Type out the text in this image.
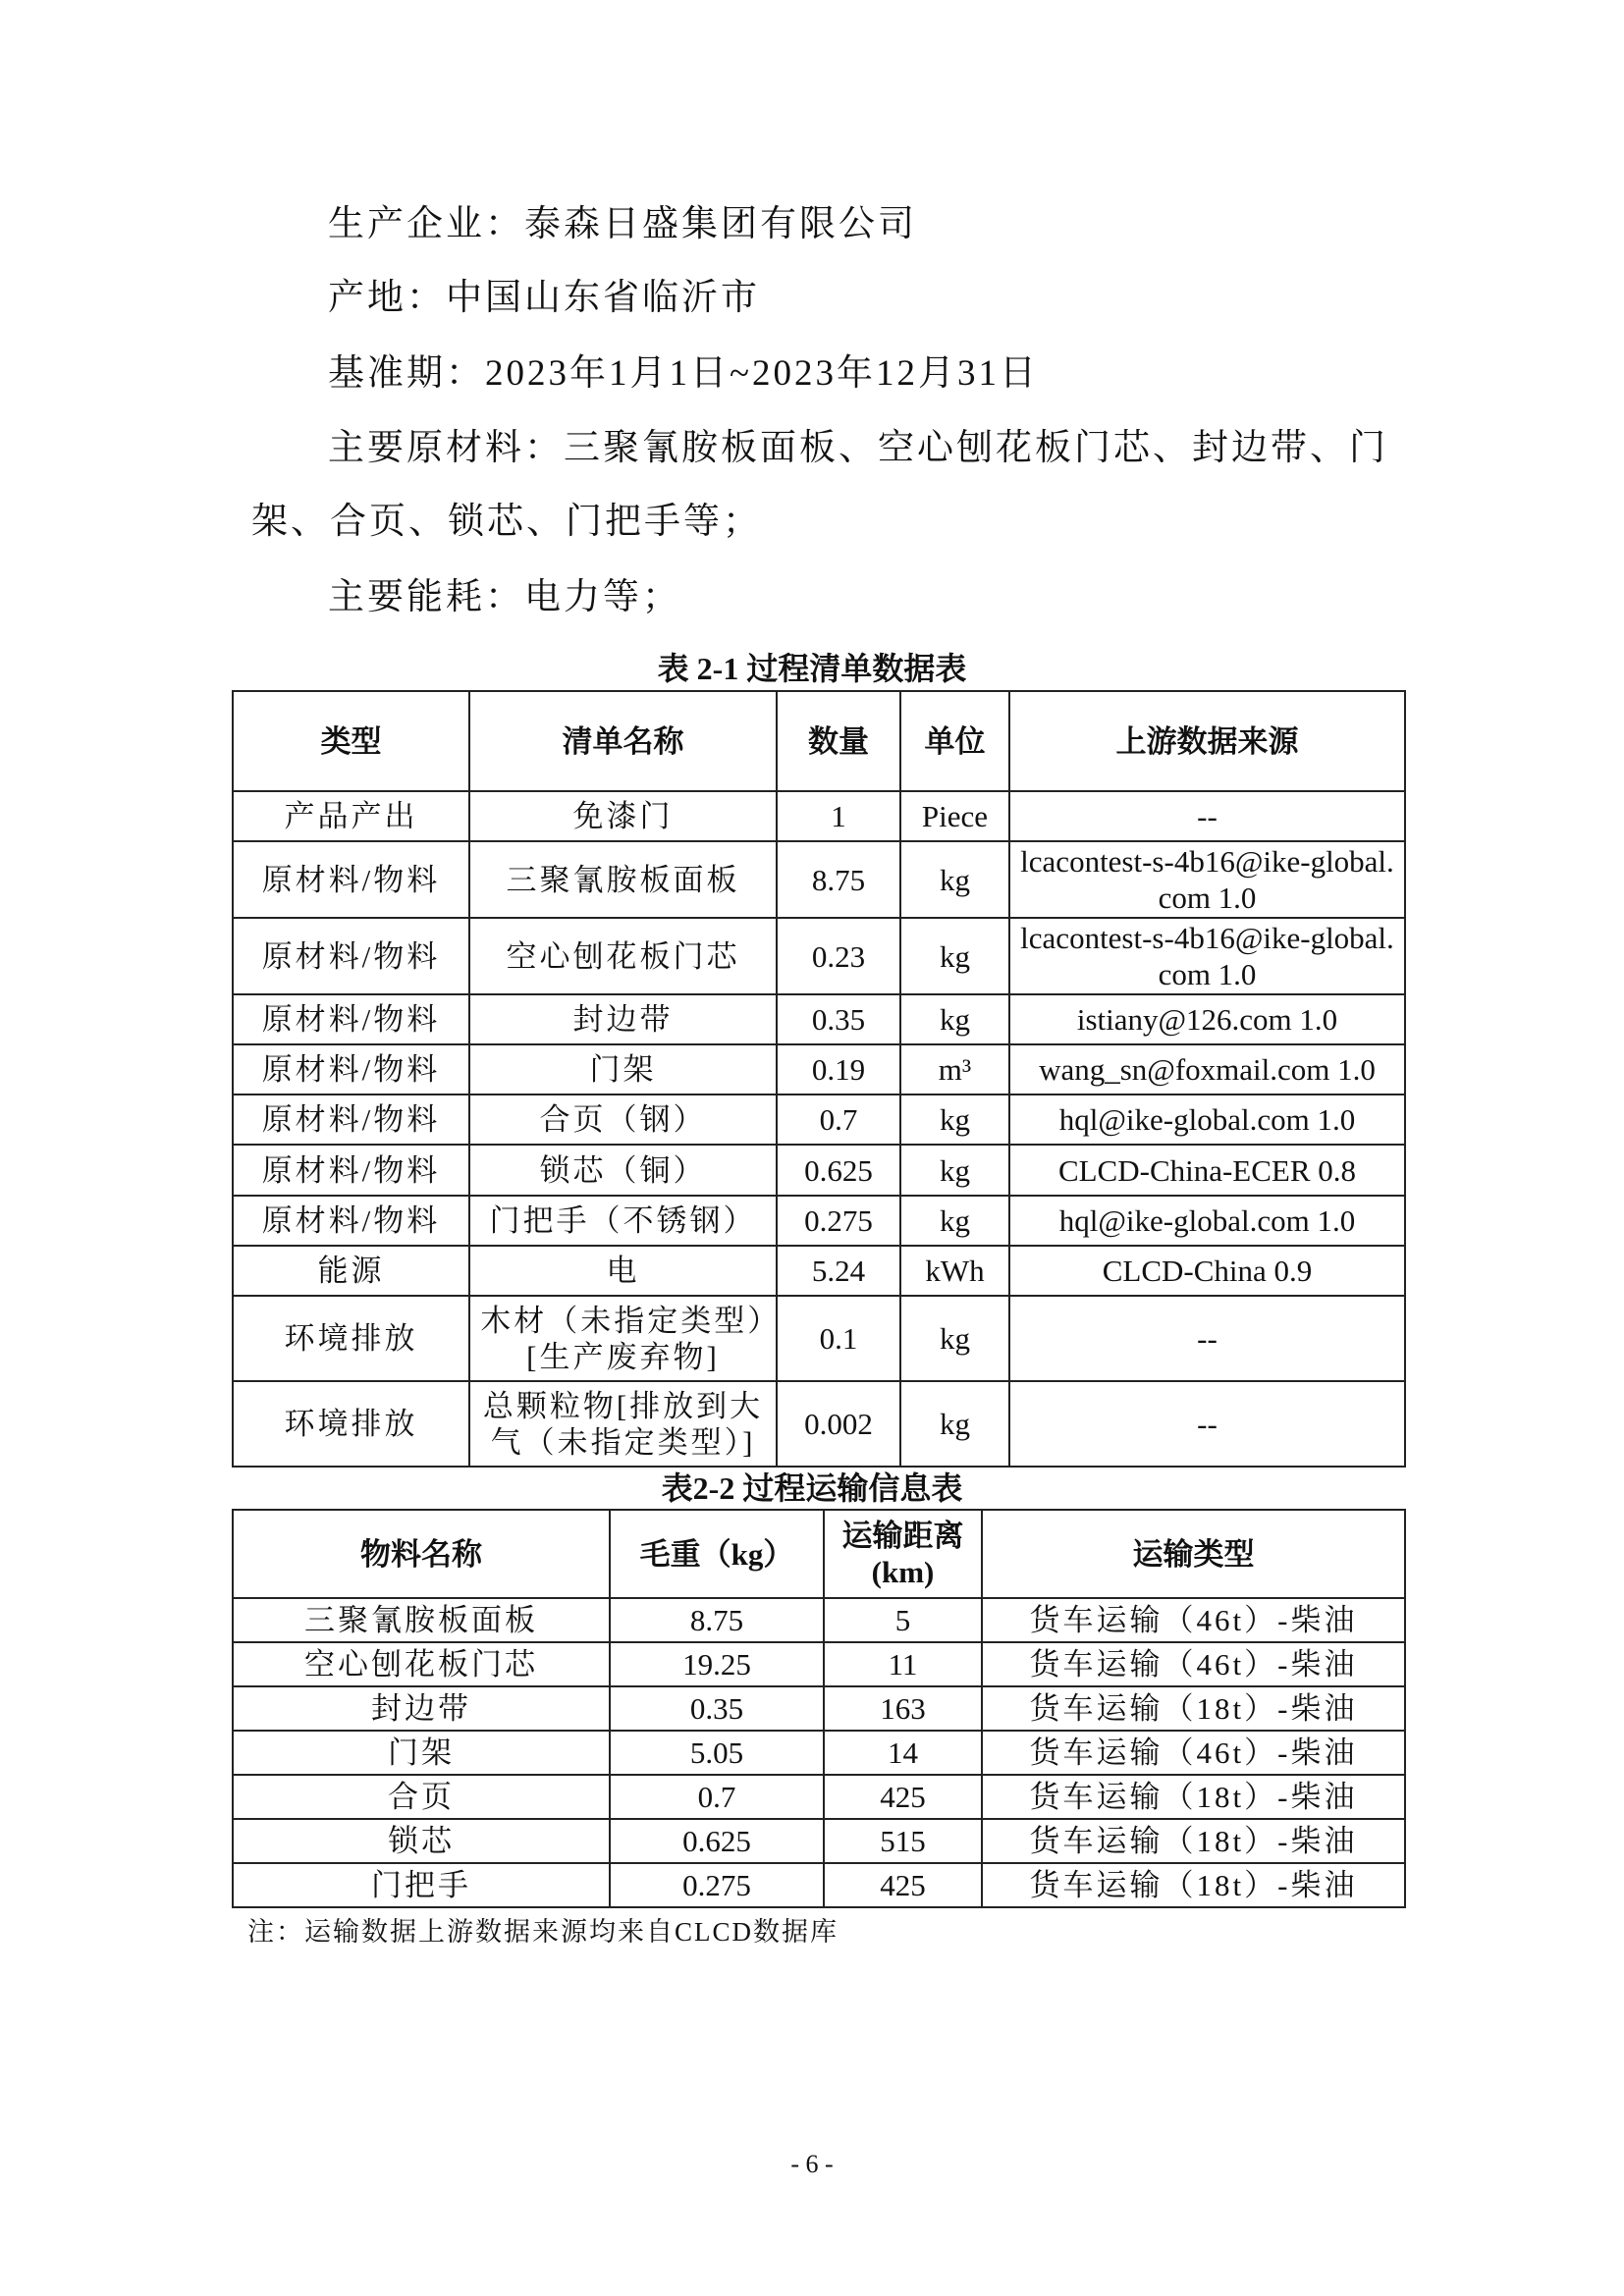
生产企业：泰森日盛集团有限公司
产地：中国山东省临沂市
基准期：2023年1月1日~2023年12月31日
主要原材料：三聚氰胺板面板、空心刨花板门芯、封边带、门
架、合页、锁芯、门把手等；
主要能耗：电力等；
表 2-1 过程清单数据表
类型	清单名称	数量	单位	上游数据来源
产品产出	免漆门	1	Piece	--
原材料/物料	三聚氰胺板面板	8.75	kg	lcacontest-s-4b16@ike-global.com 1.0
原材料/物料	空心刨花板门芯	0.23	kg	lcacontest-s-4b16@ike-global.com 1.0
原材料/物料	封边带	0.35	kg	istiany@126.com 1.0
原材料/物料	门架	0.19	m³	wang_sn@foxmail.com 1.0
原材料/物料	合页（钢）	0.7	kg	hql@ike-global.com 1.0
原材料/物料	锁芯（铜）	0.625	kg	CLCD-China-ECER 0.8
原材料/物料	门把手（不锈钢）	0.275	kg	hql@ike-global.com 1.0
能源	电	5.24	kWh	CLCD-China 0.9
环境排放	木材（未指定类型）[生产废弃物]	0.1	kg	--
环境排放	总颗粒物[排放到大气（未指定类型）]	0.002	kg	--
表2-2 过程运输信息表
物料名称	毛重（kg）	运输距离(km)	运输类型
三聚氰胺板面板	8.75	5	货车运输（46t）-柴油
空心刨花板门芯	19.25	11	货车运输（46t）-柴油
封边带	0.35	163	货车运输（18t）-柴油
门架	5.05	14	货车运输（46t）-柴油
合页	0.7	425	货车运输（18t）-柴油
锁芯	0.625	515	货车运输（18t）-柴油
门把手	0.275	425	货车运输（18t）-柴油
注：运输数据上游数据来源均来自CLCD数据库
- 6 -
